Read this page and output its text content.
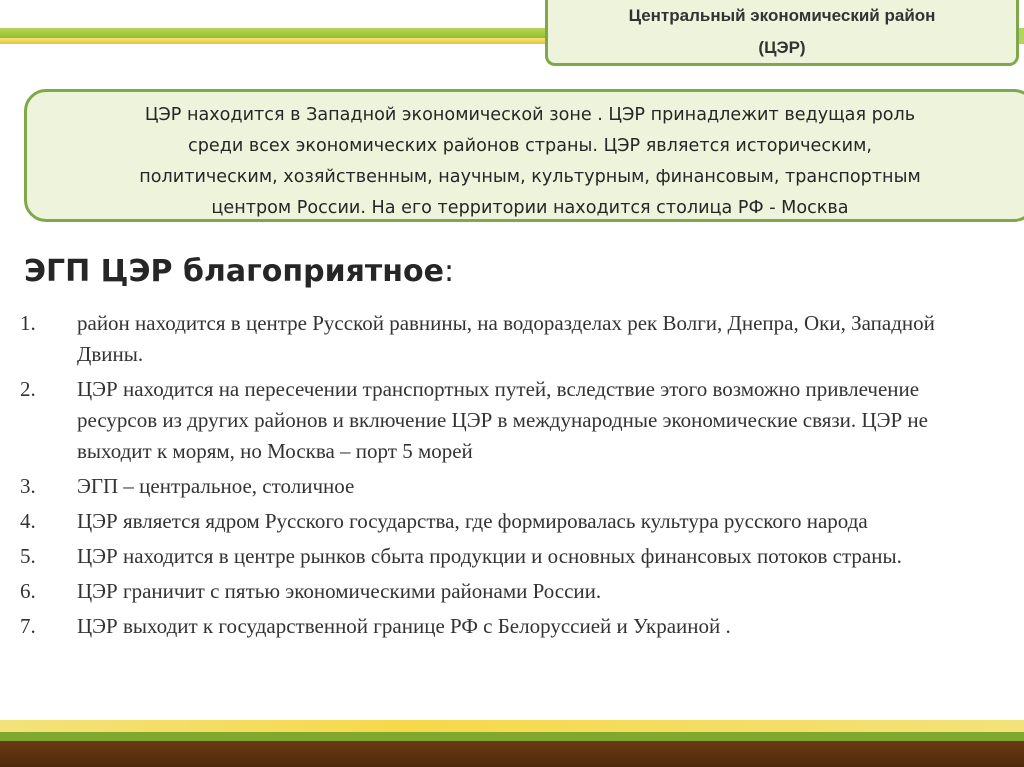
Центральный экономический район
(ЦЭР)
ЦЭР находится в Западной экономической зоне . ЦЭР принадлежит ведущая роль
среди всех экономических районов страны. ЦЭР является историческим,
политическим, хозяйственным, научным, культурным, финансовым, транспортным
центром России. На его территории находится столица РФ - Москва
ЭГП ЦЭР благоприятное:
1.	район находится в центре Русской равнины, на водоразделах рек Волги, Днепра, Оки, Западной Двины.
2.	ЦЭР находится на пересечении транспортных путей, вследствие этого возможно привлечение ресурсов из других районов и включение ЦЭР в международные экономические связи. ЦЭР не выходит к морям, но Москва – порт 5 морей
3.	ЭГП – центральное, столичное
4.	ЦЭР является ядром Русского государства, где формировалась культура русского народа
5.	ЦЭР находится в центре рынков сбыта продукции и основных финансовых потоков страны.
6.	ЦЭР граничит с пятью экономическими районами России.
7.	ЦЭР выходит к государственной границе РФ с Белоруссией и Украиной .
